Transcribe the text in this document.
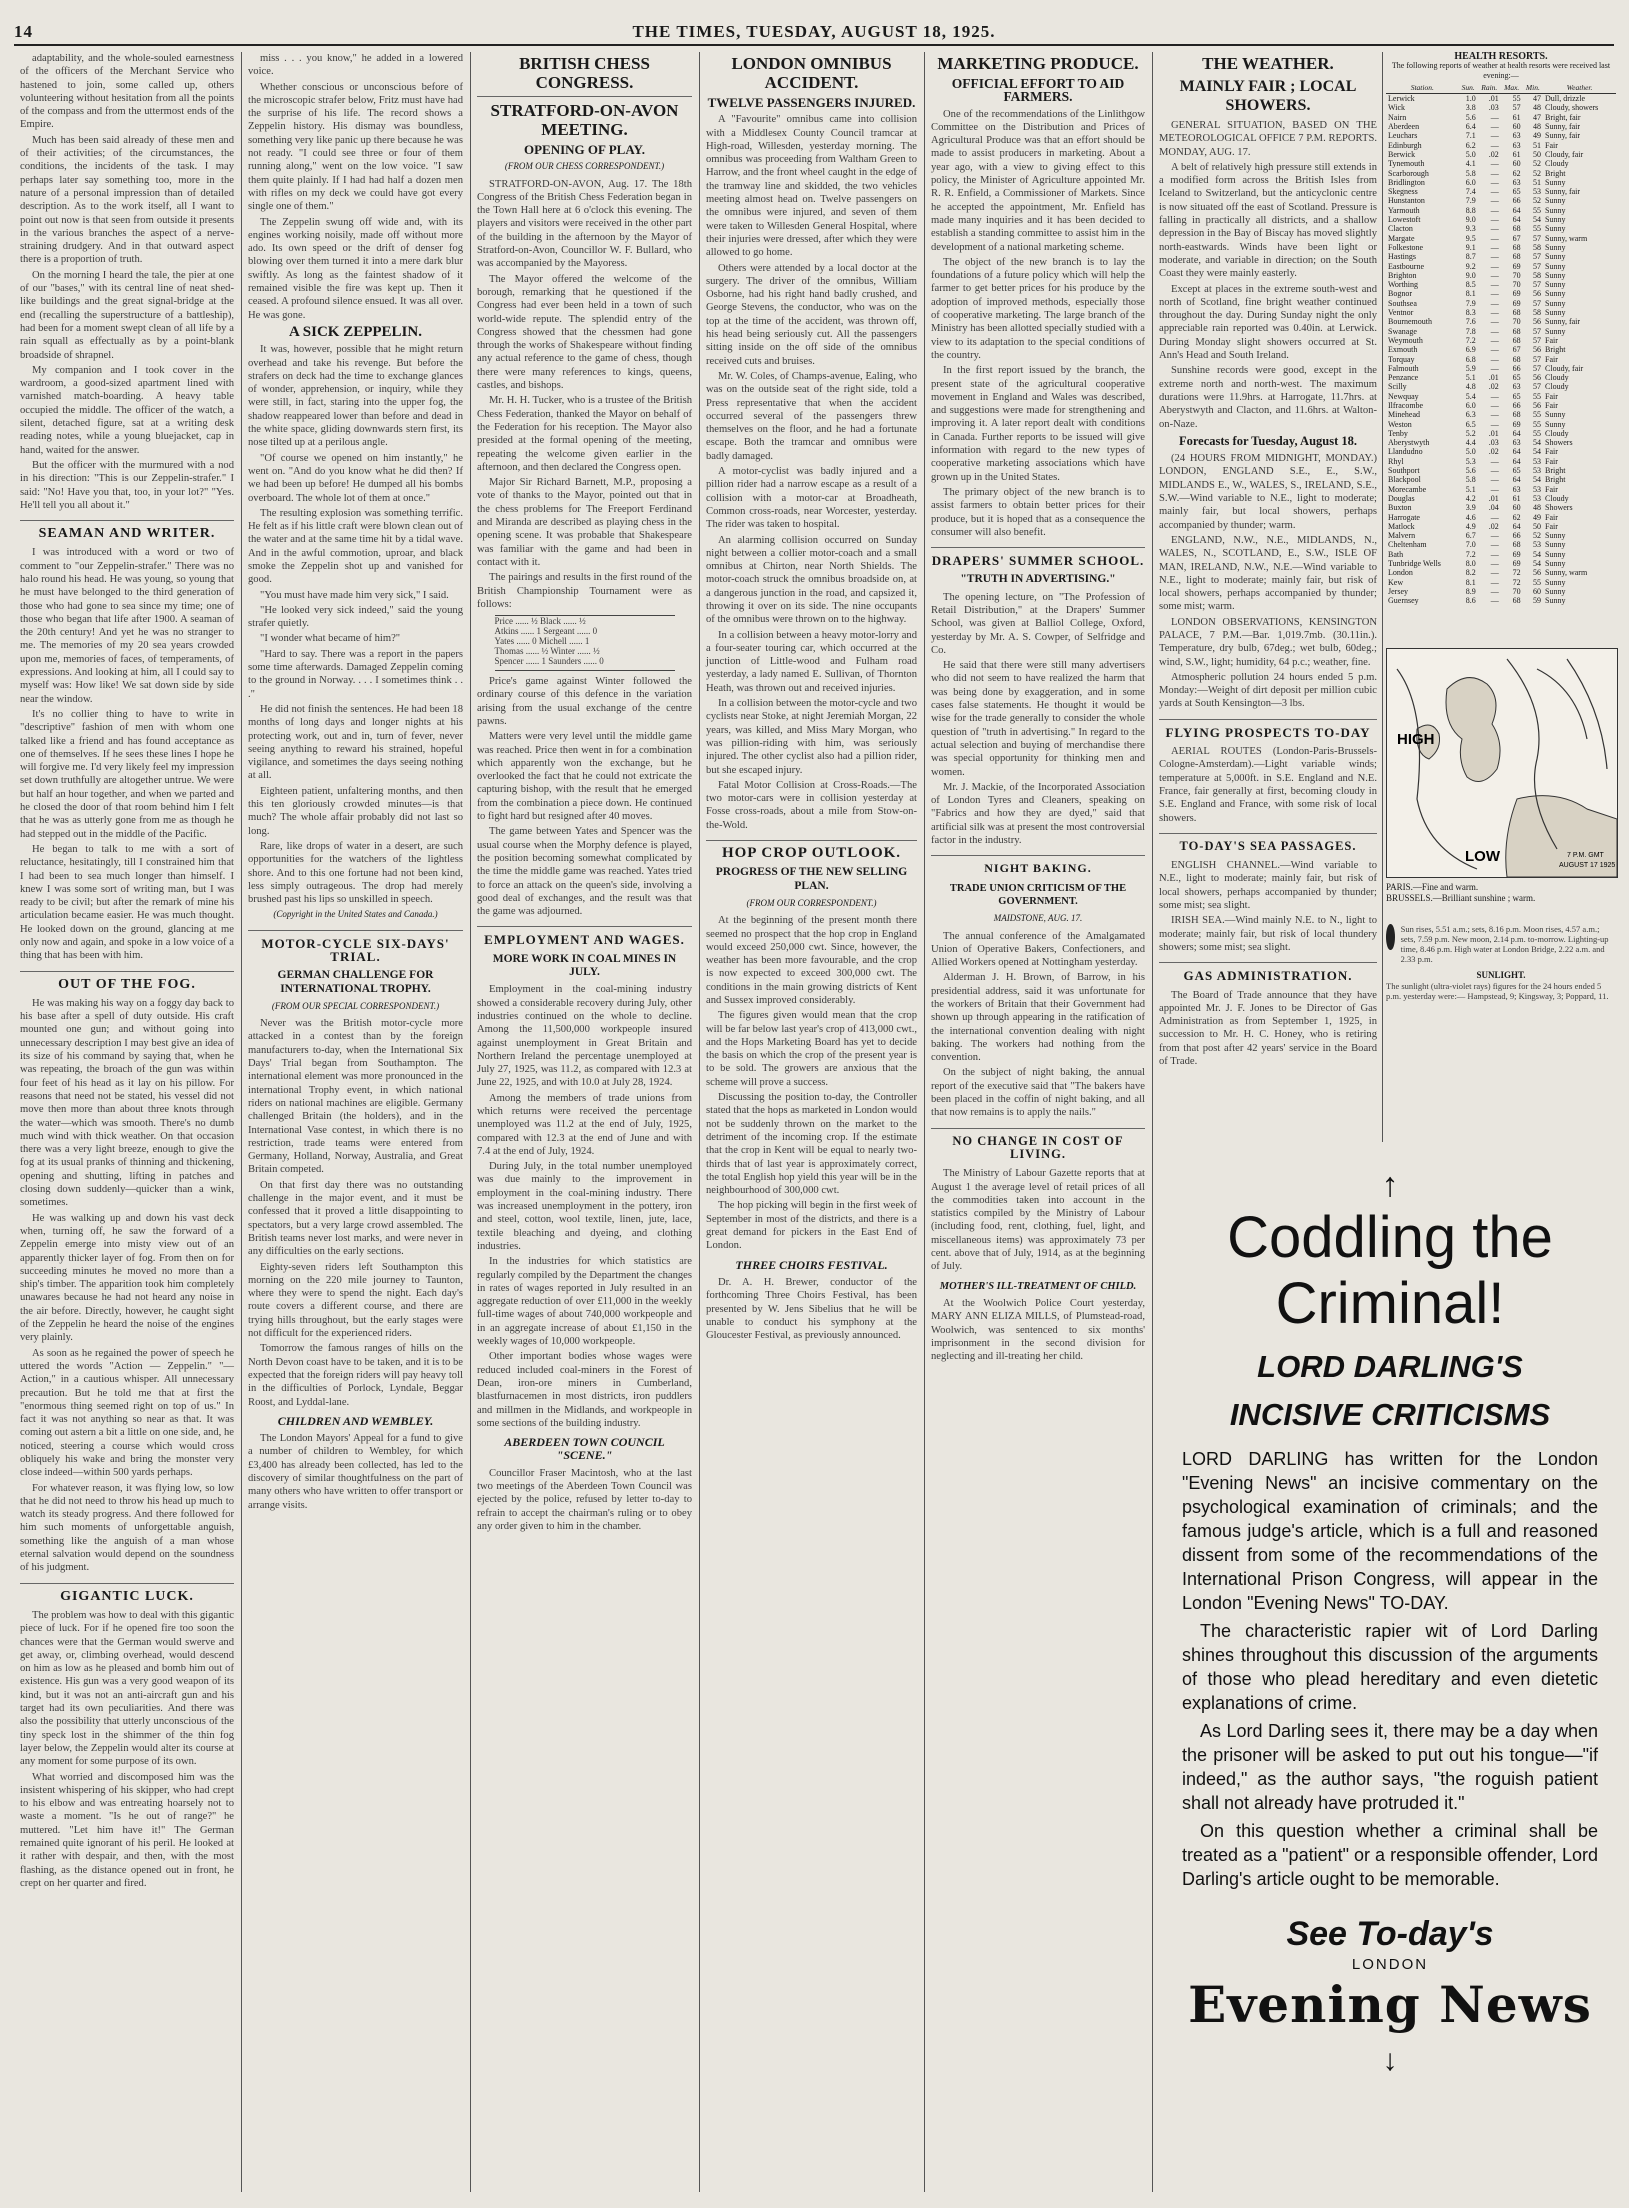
14	THE TIMES, TUESDAY, AUGUST 18, 1925.

adaptability, and the whole-souled earnestness of the officers of the Merchant Service who hastened to join, some called up, others volunteering without hesitation from all the points of the compass and from the uttermost ends of the Empire.

Much has been said already of these men and of their activities; of the circumstances, the conditions, the incidents of the task. I may perhaps later say something too, more in the nature of a personal impression than of detailed description. As to the work itself, all I want to point out now is that seen from outside it presents in the various branches the aspect of a nerve-straining drudgery. And in that outward aspect there is a proportion of truth.

On the morning I heard the tale, the pier at one of our "bases," with its central line of neat shed-like buildings and the great signal-bridge at the end (recalling the superstructure of a battleship), had been for a moment swept clean of all life by a rain squall as effectually as by a point-blank broadside of shrapnel.

My companion and I took cover in the wardroom, a good-sized apartment lined with varnished match-boarding. A heavy table occupied the middle. The officer of the watch, a silent, detached figure, sat at a writing desk reading notes, while a young bluejacket, cap in hand, waited for the answer.

But the officer with the murmured with a nod in his direction: "This is our Zeppelin-strafer." I said: "No! Have you that, too, in your lot?" "Yes. He'll tell you all about it."

SEAMAN AND WRITER.

I was introduced with a word or two of comment to "our Zeppelin-strafer." There was no halo round his head. He was young, so young that he must have belonged to the third generation of those who had gone to sea since my time; one of those who began that life after 1900. A seaman of the 20th century! And yet he was no stranger to me. The memories of my 20 sea years crowded upon me, memories of faces, of temperaments, of expressions. And looking at him, all I could say to myself was: How like! We sat down side by side near the window.

It's no collier thing to have to write in "descriptive" fashion of men with whom one talked like a friend and has found acceptance as one of themselves. If he sees these lines I hope he will forgive me. I'd very likely feel my impression set down truthfully are altogether untrue. We were but half an hour together, and when we parted and he closed the door of that room behind him I felt that he was as utterly gone from me as though he had stepped out in the middle of the Pacific.

He began to talk to me with a sort of reluctance, hesitatingly, till I constrained him that I had been to sea much longer than himself. I knew I was some sort of writing man, but I was ready to be civil; but after the remark of mine his articulation became easier. He was much thought. He looked down on the ground, glancing at me only now and again, and spoke in a low voice of a thing that has been with him.

OUT OF THE FOG.

He was making his way on a foggy day back to his base after a spell of duty outside. His craft mounted one gun; and without going into unnecessary description I may best give an idea of its size of his command by saying that, when he was repeating, the broach of the gun was within four feet of his head as it lay on his pillow. For reasons that need not be stated, his vessel did not move then more than about three knots through the water—which was smooth. There's no dumb much wind with thick weather. On that occasion there was a very light breeze, enough to give the fog at its usual pranks of thinning and thickening, opening and shutting, lifting in patches and closing down suddenly—quicker than a wink, sometimes.

He was walking up and down his vast deck when, turning off, he saw the forward of a Zeppelin emerge into misty view out of an apparently thicker layer of fog. From then on for succeeding minutes he moved no more than a ship's timber. The apparition took him completely unawares because he had not heard any noise in the air before. Directly, however, he caught sight of the Zeppelin he heard the noise of the engines very plainly.

As soon as he regained the power of speech he uttered the words "Action — Zeppelin." "— Action," in a cautious whisper. All unnecessary precaution. But he told me that at first the "enormous thing seemed right on top of us." In fact it was not anything so near as that. It was coming out astern a bit a little on one side, and, he noticed, steering a course which would cross obliquely his wake and bring the monster very close indeed—within 500 yards perhaps.

For whatever reason, it was flying low, so low that he did not need to throw his head up much to watch its steady progress. And there followed for him such moments of unforgettable anguish, something like the anguish of a man whose eternal salvation would depend on the soundness of his judgment.

GIGANTIC LUCK.

The problem was how to deal with this gigantic piece of luck. For if he opened fire too soon the chances were that the German would swerve and get away, or, climbing overhead, would descend on him as low as he pleased and bomb him out of existence. His gun was a very good weapon of its kind, but it was not an anti-aircraft gun and his target had its own peculiarities. And there was also the possibility that utterly unconscious of the tiny speck lost in the shimmer of the thin fog layer below, the Zeppelin would alter its course at any moment for some purpose of its own.

What worried and discomposed him was the insistent whispering of his skipper, who had crept to his elbow and was entreating hoarsely not to waste a moment. "Is he out of range?" he muttered. "Let him have it!" The German remained quite ignorant of his peril. He looked at it rather with despair, and then, with the most flashing, as the distance opened out in front, he crept on her quarter and fired.

miss . . . you know," he added in a lowered voice.

Whether conscious or unconscious before of the microscopic strafer below, Fritz must have had the surprise of his life. The record shows a Zeppelin history. His dismay was boundless, something very like panic up there because he was not ready. "I could see three or four of them running along," went on the low voice. "I saw them quite plainly. If I had had half a dozen men with rifles on my deck we could have got every single one of them."

The Zeppelin swung off wide and, with its engines working noisily, made off without more ado. Its own speed or the drift of denser fog blowing over them turned it into a mere dark blur swiftly. As long as the faintest shadow of it remained visible the fire was kept up. Then it ceased. A profound silence ensued. It was all over. He was gone.

A SICK ZEPPELIN.

It was, however, possible that he might return overhead and take his revenge. But before the strafers on deck had the time to exchange glances of wonder, apprehension, or inquiry, while they were still, in fact, staring into the upper fog, the shadow reappeared lower than before and dead in the white space, gliding downwards stern first, its nose tilted up at a perilous angle.

"Of course we opened on him instantly," he went on. "And do you know what he did then? If we had been up before! He dumped all his bombs overboard. The whole lot of them at once."

The resulting explosion was something terrific. He felt as if his little craft were blown clean out of the water and at the same time hit by a tidal wave. And in the awful commotion, uproar, and black smoke the Zeppelin shot up and vanished for good.

"You must have made him very sick," I said.

"He looked very sick indeed," said the young strafer quietly.

"I wonder what became of him?"

"Hard to say. There was a report in the papers some time afterwards. Damaged Zeppelin coming to the ground in Norway. . . . I sometimes think . . ."

He did not finish the sentences. He had been 18 months of long days and longer nights at his protecting work, out and in, turn of fever, never seeing anything to reward his strained, hopeful vigilance, and sometimes the days seeing nothing at all.

Eighteen patient, unfaltering months, and then this ten gloriously crowded minutes—is that much? The whole affair probably did not last so long.

Rare, like drops of water in a desert, are such opportunities for the watchers of the lightless shore. And to this one fortune had not been kind, less simply outrageous. The drop had merely brushed past his lips so unskilled in speech.

(Copyright in the United States and Canada.)
MOTOR-CYCLE SIX-DAYS' TRIAL.
GERMAN CHALLENGE FOR INTERNATIONAL TROPHY.
(FROM OUR SPECIAL CORRESPONDENT.)

Never was the British motor-cycle more attacked in a contest than by the foreign manufacturers to-day, when the International Six Days' Trial began from Southampton. The international element was more pronounced in the international Trophy event, in which national riders on national machines are eligible. Germany challenged Britain (the holders), and in the International Vase contest, in which there is no restriction, trade teams were entered from Germany, Holland, Norway, Australia, and Great Britain competed.

On that first day there was no outstanding challenge in the major event, and it must be confessed that it proved a little disappointing to spectators, but a very large crowd assembled. The British teams never lost marks, and were never in any difficulties on the early sections.

Eighty-seven riders left Southampton this morning on the 220 mile journey to Taunton, where they were to spend the night. Each day's route covers a different course, and there are trying hills throughout, but the early stages were not difficult for the experienced riders.

Tomorrow the famous ranges of hills on the North Devon coast have to be taken, and it is to be expected that the foreign riders will pay heavy toll in the difficulties of Porlock, Lyndale, Beggar Roost, and Lyddal-lane.

CHILDREN AND WEMBLEY.

The London Mayors' Appeal for a fund to give a number of children to Wembley, for which £3,400 has already been collected, has led to the discovery of similar thoughtfulness on the part of many others who have written to offer transport or arrange visits.

BRITISH CHESS CONGRESS.
STRATFORD-ON-AVON MEETING.
OPENING OF PLAY.
(FROM OUR CHESS CORRESPONDENT.)

STRATFORD-ON-AVON, Aug. 17. The 18th Congress of the British Chess Federation began in the Town Hall here at 6 o'clock this evening. The players and visitors were received in the other part of the building in the afternoon by the Mayor of Stratford-on-Avon, Councillor W. F. Bullard, who was accompanied by the Mayoress.

The Mayor offered the welcome of the borough, remarking that he questioned if the Congress had ever been held in a town of such world-wide repute. The splendid entry of the Congress showed that the chessmen had gone through the works of Shakespeare without finding any actual reference to the game of chess, though there were many references to kings, queens, castles, and bishops.

Mr. H. H. Tucker, who is a trustee of the British Chess Federation, thanked the Mayor on behalf of the Federation for his reception. The Mayor also presided at the formal opening of the meeting, repeating the welcome given earlier in the afternoon, and then declared the Congress open.

Major Sir Richard Barnett, M.P., proposing a vote of thanks to the Mayor, pointed out that in the chess problems for The Freeport Ferdinand and Miranda are described as playing chess in the opening scene. It was probable that Shakespeare was familiar with the game and had been in contact with it.

The pairings and results in the first round of the British Championship Tournament were as follows:

Price ...... ½ Black ...... ½
Atkins ...... 1 Sergeant ...... 0
Yates ...... 0 Michell ...... 1
Thomas ...... ½ Winter ...... ½
Spencer ...... 1 Saunders ...... 0

Price's game against Winter followed the ordinary course of this defence in the variation arising from the usual exchange of the centre pawns.

Matters were very level until the middle game was reached. Price then went in for a combination which apparently won the exchange, but he overlooked the fact that he could not extricate the capturing bishop, with the result that he emerged from the combination a piece down. He continued to fight hard but resigned after 40 moves.

The game between Yates and Spencer was the usual course when the Morphy defence is played, the position becoming somewhat complicated by the time the middle game was reached. Yates tried to force an attack on the queen's side, involving a good deal of exchanges, and the result was that the game was adjourned.

EMPLOYMENT AND WAGES.
MORE WORK IN COAL MINES IN JULY.

Employment in the coal-mining industry showed a considerable recovery during July, other industries continued on the whole to decline. Among the 11,500,000 workpeople insured against unemployment in Great Britain and Northern Ireland the percentage unemployed at July 27, 1925, was 11.2, as compared with 12.3 at June 22, 1925, and with 10.0 at July 28, 1924.

Among the members of trade unions from which returns were received the percentage unemployed was 11.2 at the end of July, 1925, compared with 12.3 at the end of June and with 7.4 at the end of July, 1924.

During July, in the total number unemployed was due mainly to the improvement in employment in the coal-mining industry. There was increased unemployment in the pottery, iron and steel, cotton, wool textile, linen, jute, lace, textile bleaching and dyeing, and clothing industries.

In the industries for which statistics are regularly compiled by the Department the changes in rates of wages reported in July resulted in an aggregate reduction of over £11,000 in the weekly full-time wages of about 740,000 workpeople and in an aggregate increase of about £1,150 in the weekly wages of 10,000 workpeople.

Other important bodies whose wages were reduced included coal-miners in the Forest of Dean, iron-ore miners in Cumberland, blastfurnacemen in most districts, iron puddlers and millmen in the Midlands, and workpeople in some sections of the building industry.

ABERDEEN TOWN COUNCIL "SCENE."

Councillor Fraser Macintosh, who at the last two meetings of the Aberdeen Town Council was ejected by the police, refused by letter to-day to refrain to accept the chairman's ruling or to obey any order given to him in the chamber.

LONDON OMNIBUS ACCIDENT.
TWELVE PASSENGERS INJURED.

A "Favourite" omnibus came into collision with a Middlesex County Council tramcar at High-road, Willesden, yesterday morning. The omnibus was proceeding from Waltham Green to Harrow, and the front wheel caught in the edge of the tramway line and skidded, the two vehicles meeting almost head on. Twelve passengers on the omnibus were injured, and seven of them were taken to Willesden General Hospital, where their injuries were dressed, after which they were allowed to go home.

Others were attended by a local doctor at the surgery. The driver of the omnibus, William Osborne, had his right hand badly crushed, and George Stevens, the conductor, who was on the top at the time of the accident, was thrown off, his head being seriously cut. All the passengers sitting inside on the off side of the omnibus received cuts and bruises.

Mr. W. Coles, of Champs-avenue, Ealing, who was on the outside seat of the right side, told a Press representative that when the accident occurred several of the passengers threw themselves on the floor, and he had a fortunate escape. Both the tramcar and omnibus were badly damaged.

A motor-cyclist was badly injured and a pillion rider had a narrow escape as a result of a collision with a motor-car at Broadheath, Common cross-roads, near Worcester, yesterday. The rider was taken to hospital.

An alarming collision occurred on Sunday night between a collier motor-coach and a small omnibus at Chirton, near North Shields. The motor-coach struck the omnibus broadside on, at a dangerous junction in the road, and capsized it, throwing it over on its side. The nine occupants of the omnibus were thrown on to the highway.

In a collision between a heavy motor-lorry and a four-seater touring car, which occurred at the junction of Little-wood and Fulham road yesterday, a lady named E. Sullivan, of Thornton Heath, was thrown out and received injuries.

In a collision between the motor-cycle and two cyclists near Stoke, at night Jeremiah Morgan, 22 years, was killed, and Miss Mary Morgan, who was pillion-riding with him, was seriously injured. The other cyclist also had a pillion rider, but she escaped injury.

Fatal Motor Collision at Cross-Roads.—The two motor-cars were in collision yesterday at Fosse cross-roads, about a mile from Stow-on-the-Wold.

HOP CROP OUTLOOK.
PROGRESS OF THE NEW SELLING PLAN.
(FROM OUR CORRESPONDENT.)

At the beginning of the present month there seemed no prospect that the hop crop in England would exceed 250,000 cwt. Since, however, the weather has been more favourable, and the crop is now expected to exceed 300,000 cwt. The conditions in the main growing districts of Kent and Sussex improved considerably.

The figures given would mean that the crop will be far below last year's crop of 413,000 cwt., and the Hops Marketing Board has yet to decide the basis on which the crop of the present year is to be sold. The growers are anxious that the scheme will prove a success.

Discussing the position to-day, the Controller stated that the hops as marketed in London would not be suddenly thrown on the market to the detriment of the incoming crop. If the estimate that the crop in Kent will be equal to nearly two-thirds that of last year is approximately correct, the total English hop yield this year will be in the neighbourhood of 300,000 cwt.

The hop picking will begin in the first week of September in most of the districts, and there is a great demand for pickers in the East End of London.

THREE CHOIRS FESTIVAL.

Dr. A. H. Brewer, conductor of the forthcoming Three Choirs Festival, has been presented by W. Jens Sibelius that he will be unable to conduct his symphony at the Gloucester Festival, as previously announced.

MARKETING PRODUCE.
OFFICIAL EFFORT TO AID FARMERS.

One of the recommendations of the Linlithgow Committee on the Distribution and Prices of Agricultural Produce was that an effort should be made to assist producers in marketing. About a year ago, with a view to giving effect to this policy, the Minister of Agriculture appointed Mr. R. R. Enfield, a Commissioner of Markets. Since he accepted the appointment, Mr. Enfield has made many inquiries and it has been decided to establish a standing committee to assist him in the development of a national marketing scheme.

The object of the new branch is to lay the foundations of a future policy which will help the farmer to get better prices for his produce by the adoption of improved methods, especially those of cooperative marketing. The large branch of the Ministry has been allotted specially studied with a view to its adaptation to the special conditions of the country.

In the first report issued by the branch, the present state of the agricultural cooperative movement in England and Wales was described, and suggestions were made for strengthening and improving it. A later report dealt with conditions in Canada. Further reports to be issued will give information with regard to the new types of cooperative marketing associations which have grown up in the United States.

The primary object of the new branch is to assist farmers to obtain better prices for their produce, but it is hoped that as a consequence the consumer will also benefit.

DRAPERS' SUMMER SCHOOL.
"TRUTH IN ADVERTISING."

The opening lecture, on "The Profession of Retail Distribution," at the Drapers' Summer School, was given at Balliol College, Oxford, yesterday by Mr. A. S. Cowper, of Selfridge and Co.

He said that there were still many advertisers who did not seem to have realized the harm that was being done by exaggeration, and in some cases false statements. He thought it would be wise for the trade generally to consider the whole question of "truth in advertising." In regard to the actual selection and buying of merchandise there was special opportunity for thinking men and women.

Mr. J. Mackie, of the Incorporated Association of London Tyres and Cleaners, speaking on "Fabrics and how they are dyed," said that artificial silk was at present the most controversial factor in the industry.

NIGHT BAKING.
TRADE UNION CRITICISM OF THE GOVERNMENT.
MAIDSTONE, AUG. 17.

The annual conference of the Amalgamated Union of Operative Bakers, Confectioners, and Allied Workers opened at Nottingham yesterday.

Alderman J. H. Brown, of Barrow, in his presidential address, said it was unfortunate for the workers of Britain that their Government had shown up through appearing in the ratification of the international convention dealing with night baking. The workers had nothing from the convention.

On the subject of night baking, the annual report of the executive said that "The bakers have been placed in the coffin of night baking, and all that now remains is to apply the nails."

NO CHANGE IN COST OF LIVING.

The Ministry of Labour Gazette reports that at August 1 the average level of retail prices of all the commodities taken into account in the statistics compiled by the Ministry of Labour (including food, rent, clothing, fuel, light, and miscellaneous items) was approximately 73 per cent. above that of July, 1914, as at the beginning of July.

MOTHER'S ILL-TREATMENT OF CHILD.

At the Woolwich Police Court yesterday, MARY ANN ELIZA MILLS, of Plumstead-road, Woolwich, was sentenced to six months' imprisonment in the second division for neglecting and ill-treating her child.

THE WEATHER.
MAINLY FAIR ; LOCAL SHOWERS.

GENERAL SITUATION, BASED ON THE METEOROLOGICAL OFFICE 7 P.M. REPORTS. MONDAY, AUG. 17.

A belt of relatively high pressure still extends in a modified form across the British Isles from Iceland to Switzerland, but the anticyclonic centre is now situated off the east of Scotland. Pressure is falling in practically all districts, and a shallow depression in the Bay of Biscay has moved slightly north-eastwards. Winds have been light or moderate, and variable in direction; on the South Coast they were mainly easterly.

Except at places in the extreme south-west and north of Scotland, fine bright weather continued throughout the day. During Sunday night the only appreciable rain reported was 0.40in. at Lerwick. During Monday slight showers occurred at St. Ann's Head and South Ireland.

Sunshine records were good, except in the extreme north and north-west. The maximum durations were 11.9hrs. at Harrogate, 11.7hrs. at Aberystwyth and Clacton, and 11.6hrs. at Walton-on-Naze.

Forecasts for Tuesday, August 18.

(24 HOURS FROM MIDNIGHT, MONDAY.) LONDON, ENGLAND S.E., E., S.W., MIDLANDS E., W., WALES, S., IRELAND, S.E., S.W.—Wind variable to N.E., light to moderate; mainly fair, but local showers, perhaps accompanied by thunder; warm.

ENGLAND, N.W., N.E., MIDLANDS, N., WALES, N., SCOTLAND, E., S.W., ISLE OF MAN, IRELAND, N.W., N.E.—Wind variable to N.E., light to moderate; mainly fair, but risk of local showers, perhaps accompanied by thunder; some mist; warm.

LONDON OBSERVATIONS, KENSINGTON PALACE, 7 P.M.—Bar. 1,019.7mb. (30.11in.). Temperature, dry bulb, 67deg.; wet bulb, 60deg.; wind, S.W., light; humidity, 64 p.c.; weather, fine.

Atmospheric pollution 24 hours ended 5 p.m. Monday:—Weight of dirt deposit per million cubic yards at South Kensington—3 lbs.

FLYING PROSPECTS TO-DAY

AERIAL ROUTES (London-Paris-Brussels-Cologne-Amsterdam).—Light variable winds; temperature at 5,000ft. in S.E. England and N.E. France, fair generally at first, becoming cloudy in S.E. England and France, with some risk of local showers.

TO-DAY'S SEA PASSAGES.

ENGLISH CHANNEL.—Wind variable to N.E., light to moderate; mainly fair, but risk of local showers, perhaps accompanied by thunder; some mist; sea slight.

IRISH SEA.—Wind mainly N.E. to N., light to moderate; mainly fair, but risk of local thundery showers; some mist; sea slight.

GAS ADMINISTRATION.

The Board of Trade announce that they have appointed Mr. J. F. Jones to be Director of Gas Administration as from September 1, 1925, in succession to Mr. H. C. Honey, who is retiring from that post after 42 years' service in the Board of Trade.

HEALTH RESORTS.
The following reports of weather at health resorts were received last evening:—
Station.	Sun.	Rain.	Max.	Min.	Weather.
Lerwick	1.0	.01	55	47	Dull, drizzle
Wick	3.8	.03	57	48	Cloudy, showers
Nairn	5.6	—	61	47	Bright, fair
Aberdeen	6.4	—	60	48	Sunny, fair
Leuchars	7.1	—	63	49	Sunny, fair
Edinburgh	6.2	—	63	51	Fair
Berwick	5.0	.02	61	50	Cloudy, fair
Tynemouth	4.1	—	60	52	Cloudy
Scarborough	5.8	—	62	52	Bright
Bridlington	6.0	—	63	51	Sunny
Skegness	7.4	—	65	53	Sunny, fair
Hunstanton	7.9	—	66	52	Sunny
Yarmouth	8.8	—	64	55	Sunny
Lowestoft	9.0	—	64	54	Sunny
Clacton	9.3	—	68	55	Sunny
Margate	9.5	—	67	57	Sunny, warm
Folkestone	9.1	—	68	58	Sunny
Hastings	8.7	—	68	57	Sunny
Eastbourne	9.2	—	69	57	Sunny
Brighton	9.0	—	70	58	Sunny
Worthing	8.5	—	70	57	Sunny
Bognor	8.1	—	69	56	Sunny
Southsea	7.9	—	69	57	Sunny
Ventnor	8.3	—	68	58	Sunny
Bournemouth	7.6	—	70	56	Sunny, fair
Swanage	7.8	—	68	57	Sunny
Weymouth	7.2	—	68	57	Fair
Exmouth	6.9	—	67	56	Bright
Torquay	6.8	—	68	57	Fair
Falmouth	5.9	—	66	57	Cloudy, fair
Penzance	5.1	.01	65	56	Cloudy
Scilly	4.8	.02	63	57	Cloudy
Newquay	5.4	—	65	55	Fair
Ilfracombe	6.0	—	66	56	Fair
Minehead	6.3	—	68	55	Sunny
Weston	6.5	—	69	55	Sunny
Tenby	5.2	.01	64	55	Cloudy
Aberystwyth	4.4	.03	63	54	Showers
Llandudno	5.0	.02	64	54	Fair
Rhyl	5.3	—	64	53	Fair
Southport	5.6	—	65	53	Bright
Blackpool	5.8	—	64	54	Bright
Morecambe	5.1	—	63	53	Fair
Douglas	4.2	.01	61	53	Cloudy
Buxton	3.9	.04	60	48	Showers
Harrogate	4.6	—	62	49	Fair
Matlock	4.9	.02	64	50	Fair
Malvern	6.7	—	66	52	Sunny
Cheltenham	7.0	—	68	53	Sunny
Bath	7.2	—	69	54	Sunny
Tunbridge Wells	8.0	—	69	54	Sunny
London	8.2	—	72	56	Sunny, warm
Kew	8.1	—	72	55	Sunny
Jersey	8.9	—	70	60	Sunny
Guernsey	8.6	—	68	59	Sunny
HIGH
LOW	7 P.M. GMT
AUGUST 17 1925
PARIS.—Fine and warm.
BRUSSELS.—Brilliant sunshine ; warm.
Sun rises, 5.51 a.m.; sets, 8.16 p.m. Moon rises, 4.57 a.m.; sets, 7.59 p.m. New moon, 2.14 p.m. to-morrow. Lighting-up time, 8.46 p.m. High water at London Bridge, 2.22 a.m. and 2.33 p.m.
SUNLIGHT.
The sunlight (ultra-violet rays) figures for the 24 hours ended 5 p.m. yesterday were:— Hampstead, 9; Kingsway, 3; Poppard, 11.
↑
Coddling the
Criminal!
LORD DARLING'S
INCISIVE CRITICISMS

LORD DARLING has written for the London "Evening News" an incisive commentary on the psychological examination of criminals; and the famous judge's article, which is a full and reasoned dissent from some of the recommendations of the International Prison Congress, will appear in the London "Evening News" TO-DAY.

The characteristic rapier wit of Lord Darling shines throughout this discussion of the arguments of those who plead hereditary and even dietetic explanations of crime.

As Lord Darling sees it, there may be a day when the prisoner will be asked to put out his tongue—"if indeed," as the author says, "the roguish patient shall not already have protruded it."

On this question whether a criminal shall be treated as a "patient" or a responsible offender, Lord Darling's article ought to be memorable.

See To-day's
LONDON
Evening News
↓
